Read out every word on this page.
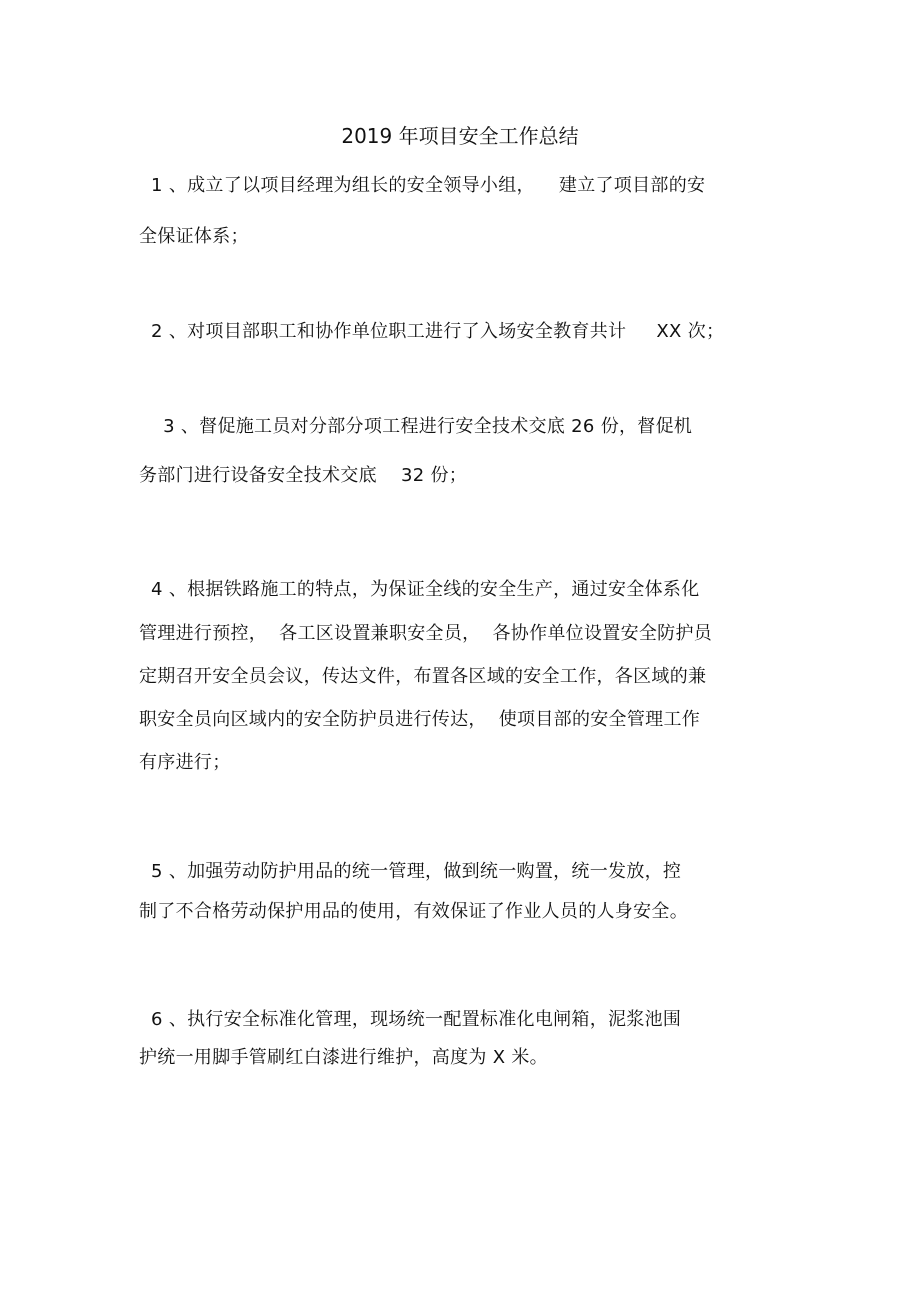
2019 年项目安全工作总结
1 、成立了以项目经理为组长的安全领导小组，    建立了项目部的安
全保证体系；
2 、对项目部职工和协作单位职工进行了入场安全教育共计     XX 次；
3 、督促施工员对分部分项工程进行安全技术交底 26 份，督促机
务部门进行设备安全技术交底    32 份；
4 、根据铁路施工的特点，为保证全线的安全生产，通过安全体系化
管理进行预控，  各工区设置兼职安全员，  各协作单位设置安全防护员
定期召开安全员会议，传达文件，布置各区域的安全工作，各区域的兼
职安全员向区域内的安全防护员进行传达，  使项目部的安全管理工作
有序进行；
5 、加强劳动防护用品的统一管理，做到统一购置，统一发放，控
制了不合格劳动保护用品的使用，有效保证了作业人员的人身安全。
6 、执行安全标准化管理，现场统一配置标准化电闸箱，泥浆池围
护统一用脚手管刷红白漆进行维护，高度为 X 米。
